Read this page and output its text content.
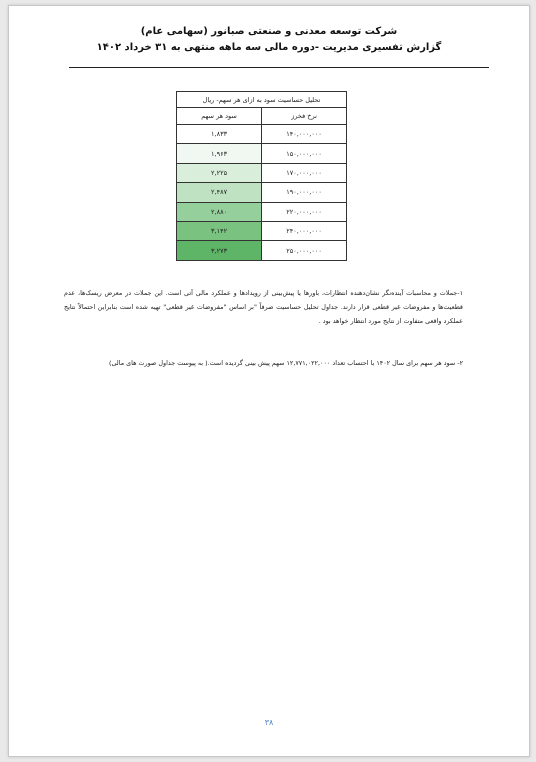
شرکت توسعه معدنی و صنعتی صبانور (سهامی عام)
گزارش تفسیری مدیریت -دوره مالی سه ماهه منتهی به ۳۱ خرداد ۱۴۰۲
تحلیل حساسیت سود به ازای هر سهم- ریال	
نرخ فخرز	سود هر سهم
۱۴۰,۰۰۰,۰۰۰	۱,۸۳۳
۱۵۰,۰۰۰,۰۰۰	۱,۹۶۳
۱۷۰,۰۰۰,۰۰۰	۲,۲۲۵
۱۹۰,۰۰۰,۰۰۰	۲,۴۸۷
۲۲۰,۰۰۰,۰۰۰	۲,۸۸۰
۲۴۰,۰۰۰,۰۰۰	۳,۱۴۲
۲۵۰,۰۰۰,۰۰۰	۳,۲۷۳
۱-جملات و محاسبات آینده‌نگر نشان‌دهنده انتظارات، باورها یا پیش‌بینی از رویدادها و عملکرد مالی آتی است. این جملات در معرض ریسک‌ها، عدم قطعیت‌ها و مفروضات غیر قطعی قرار دارند. جداول تحلیل حساسیت صرفاً "بر اساس "مفروضات غیر قطعی" تهیه شده است بنابراین احتمالاً نتایج عملکرد واقعی متفاوت از نتایج مورد انتظار خواهد بود .
۲- سود هر سهم برای سال ۱۴۰۲ با احتساب تعداد ۱۲,۷۷۱,۰۲۲,۰۰۰ سهم پیش بینی گردیده است.( به پیوست جداول صورت های مالی)
۳۸
